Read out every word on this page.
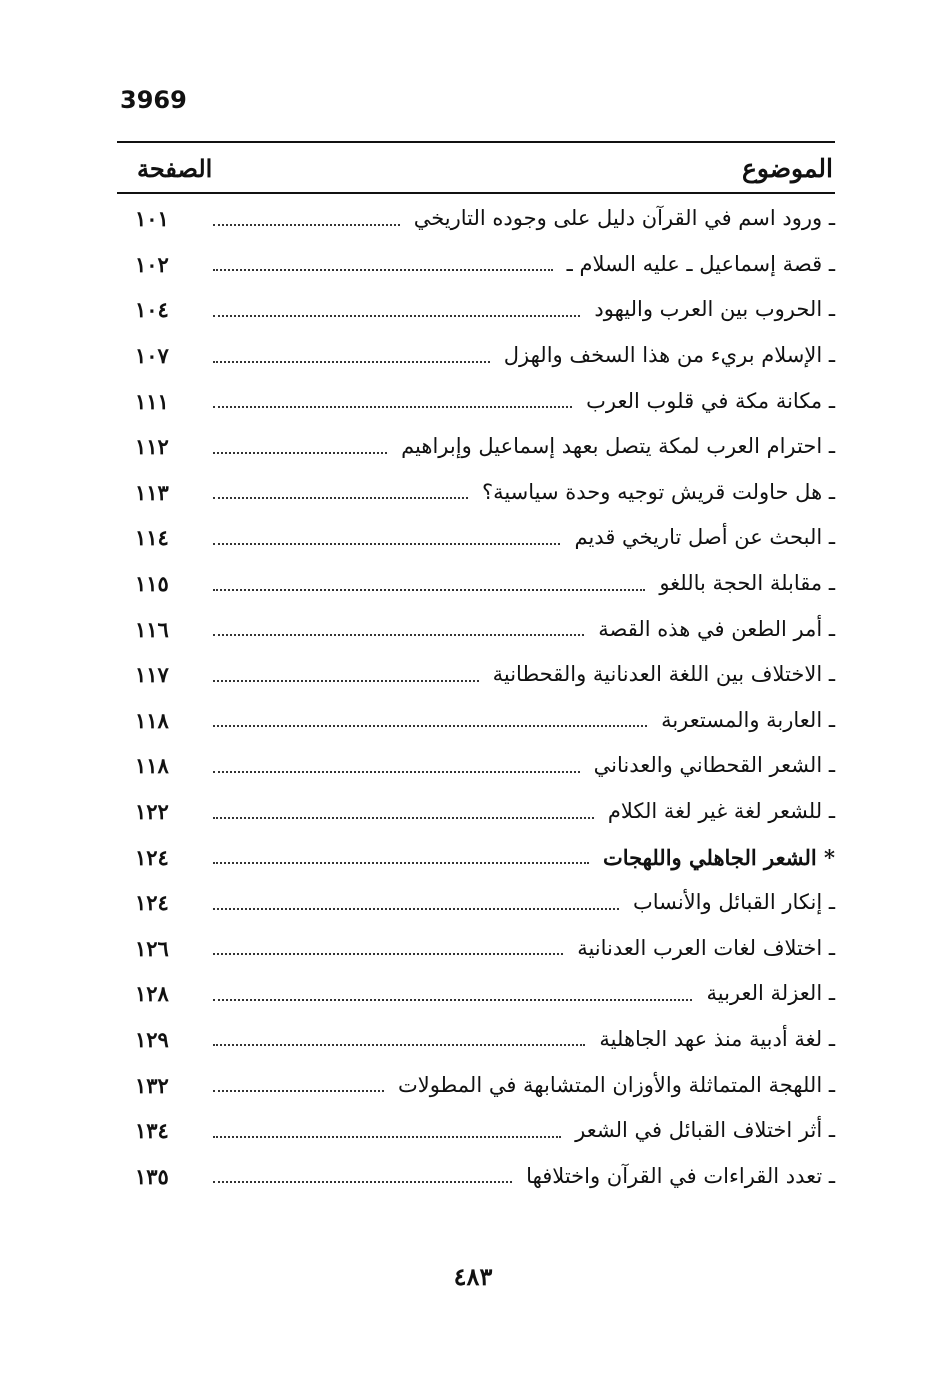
3969
الموضوع
الصفحة
ـ ورود اسم في القرآن دليل على وجوده التاريخي
١٠١
ـ قصة إسماعيل ـ عليه السلام ـ
١٠٢
ـ الحروب بين العرب واليهود
١٠٤
ـ الإسلام بريء من هذا السخف والهزل
١٠٧
ـ مكانة مكة في قلوب العرب
١١١
ـ احترام العرب لمكة يتصل بعهد إسماعيل وإبراهيم
١١٢
ـ هل حاولت قريش توجيه وحدة سياسية؟
١١٣
ـ البحث عن أصل تاريخي قديم
١١٤
ـ مقابلة الحجة باللغو
١١٥
ـ أمر الطعن في هذه القصة
١١٦
ـ الاختلاف بين اللغة العدنانية والقحطانية
١١٧
ـ العاربة والمستعربة
١١٨
ـ الشعر القحطاني والعدناني
١١٨
ـ للشعر لغة غير لغة الكلام
١٢٢
* الشعر الجاهلي واللهجات
١٢٤
ـ إنكار القبائل والأنساب
١٢٤
ـ اختلاف لغات العرب العدنانية
١٢٦
ـ العزلة العربية
١٢٨
ـ لغة أدبية منذ عهد الجاهلية
١٢٩
ـ اللهجة المتماثلة والأوزان المتشابهة في المطولات
١٣٢
ـ أثر اختلاف القبائل في الشعر
١٣٤
ـ تعدد القراءات في القرآن واختلافها
١٣٥
٤٨٣
